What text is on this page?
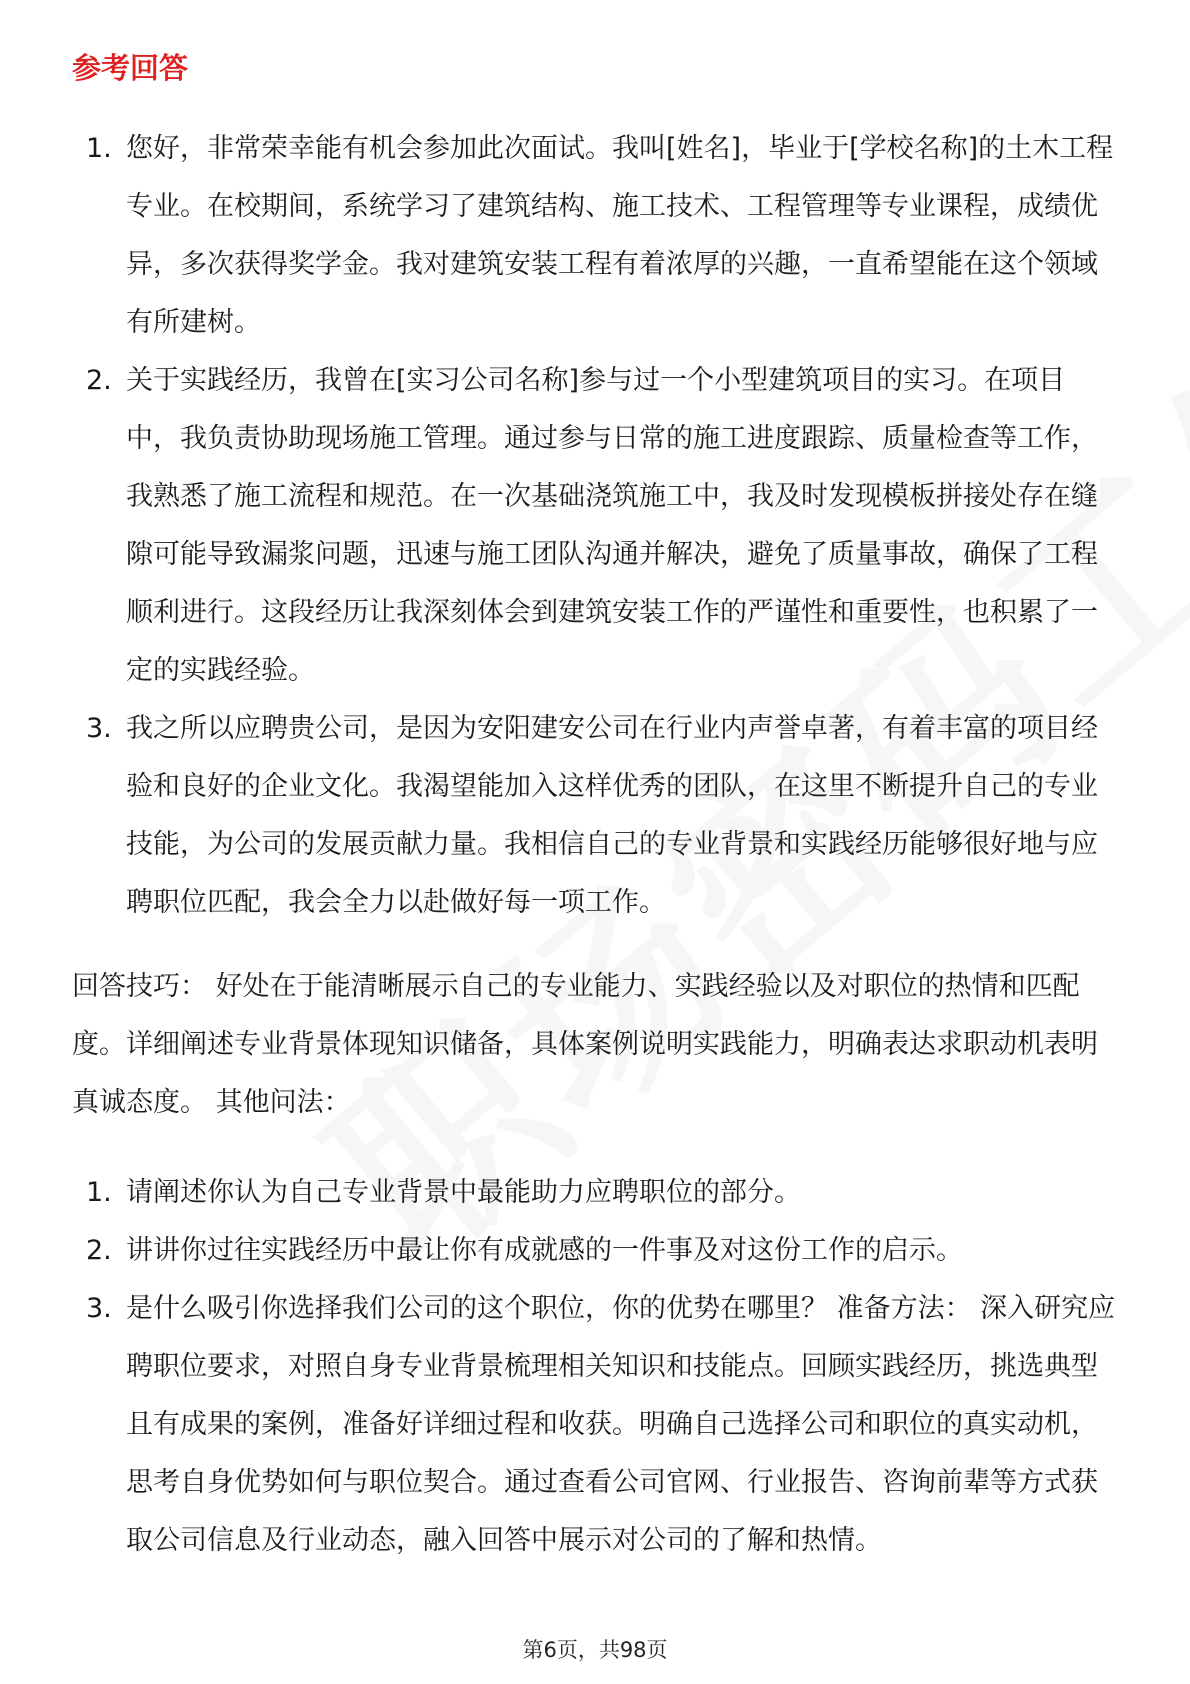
参考回答
1. 您好，非常荣幸能有机会参加此次面试。我叫[姓名]，毕业于[学校名称]的土木工程专业。在校期间，系统学习了建筑结构、施工技术、工程管理等专业课程，成绩优异，多次获得奖学金。我对建筑安装工程有着浓厚的兴趣，一直希望能在这个领域有所建树。
2. 关于实践经历，我曾在[实习公司名称]参与过一个小型建筑项目的实习。在项目中，我负责协助现场施工管理。通过参与日常的施工进度跟踪、质量检查等工作，我熟悉了施工流程和规范。在一次基础浇筑施工中，我及时发现模板拼接处存在缝隙可能导致漏浆问题，迅速与施工团队沟通并解决，避免了质量事故，确保了工程顺利进行。这段经历让我深刻体会到建筑安装工作的严谨性和重要性，也积累了一定的实践经验。
3. 我之所以应聘贵公司，是因为安阳建安公司在行业内声誉卓著，有着丰富的项目经验和良好的企业文化。我渴望能加入这样优秀的团队，在这里不断提升自己的专业技能，为公司的发展贡献力量。我相信自己的专业背景和实践经历能够很好地与应聘职位匹配，我会全力以赴做好每一项工作。

回答技巧： 好处在于能清晰展示自己的专业能力、实践经验以及对职位的热情和匹配度。详细阐述专业背景体现知识储备，具体案例说明实践能力，明确表达求职动机表明真诚态度。 其他问法：

1. 请阐述你认为自己专业背景中最能助力应聘职位的部分。
2. 讲讲你过往实践经历中最让你有成就感的一件事及对这份工作的启示。
3. 是什么吸引你选择我们公司的这个职位，你的优势在哪里？ 准备方法： 深入研究应聘职位要求，对照自身专业背景梳理相关知识和技能点。回顾实践经历，挑选典型且有成果的案例，准备好详细过程和收获。明确自己选择公司和职位的真实动机，思考自身优势如何与职位契合。通过查看公司官网、行业报告、咨询前辈等方式获取公司信息及行业动态，融入回答中展示对公司的了解和热情。
第6页，共98页
